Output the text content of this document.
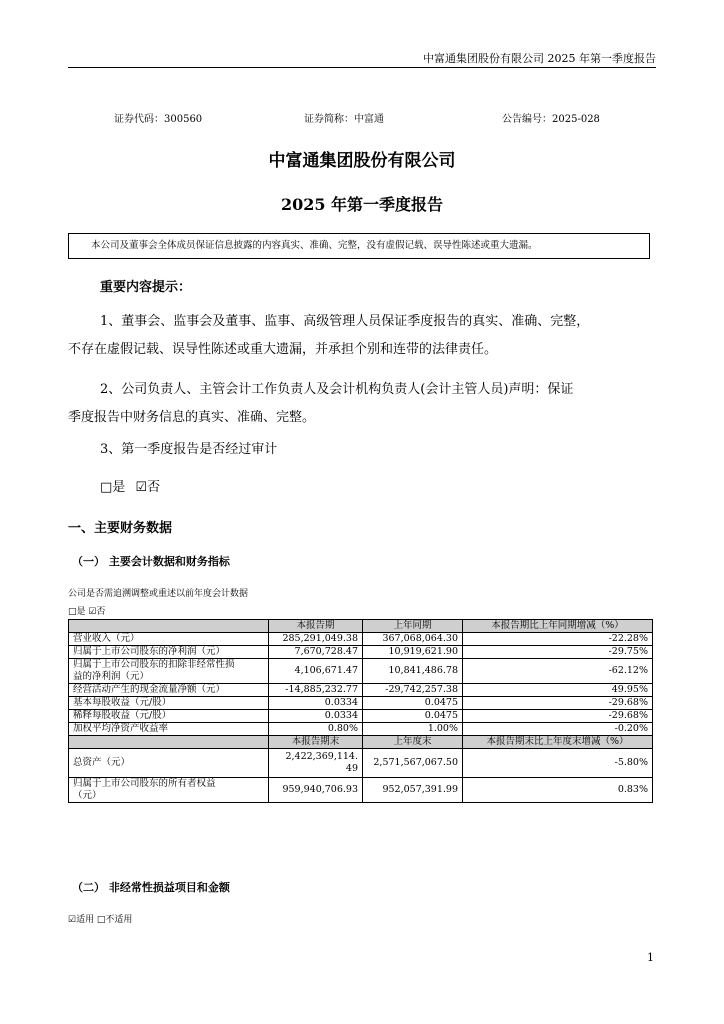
中富通集团股份有限公司 2025 年第一季度报告
证券代码：300560	证券简称：中富通	公告编号：2025-028
中富通集团股份有限公司
2025 年第一季度报告
本公司及董事会全体成员保证信息披露的内容真实、准确、完整，没有虚假记载、误导性陈述或重大遗漏。
重要内容提示：
1、董事会、监事会及董事、监事、高级管理人员保证季度报告的真实、准确、完整，
不存在虚假记载、误导性陈述或重大遗漏，并承担个别和连带的法律责任。
2、公司负责人、主管会计工作负责人及会计机构负责人(会计主管人员)声明：保证
季度报告中财务信息的真实、准确、完整。
3、第一季度报告是否经过审计
□是 ☑否
一、主要财务数据
（一） 主要会计数据和财务指标
公司是否需追溯调整或重述以前年度会计数据
□是 ☑否
	本报告期	上年同期	本报告期比上年同期增减（%）
营业收入（元）	285,291,049.38	367,068,064.30	-22.28%
归属于上市公司股东的净利润（元）	7,670,728.47	10,919,621.90	-29.75%

归属于上市公司股东的扣除非经常性损
益的净利润（元）	4,106,671.47	10,841,486.78	-62.12%
经营活动产生的现金流量净额（元）	-14,885,232.77	-29,742,257.38	49.95%
基本每股收益（元/股）	0.0334	0.0475	-29.68%
稀释每股收益（元/股）	0.0334	0.0475	-29.68%
加权平均净资产收益率	0.80%	1.00%	-0.20%
	本报告期末	上年度末	本报告期末比上年度末增减（%）
总资产（元）	2,422,369,114.
49	2,571,567,067.50	-5.80%

归属于上市公司股东的所有者权益
（元）	959,940,706.93	952,057,391.99	0.83%
（二） 非经常性损益项目和金额
☑适用 □不适用
1
